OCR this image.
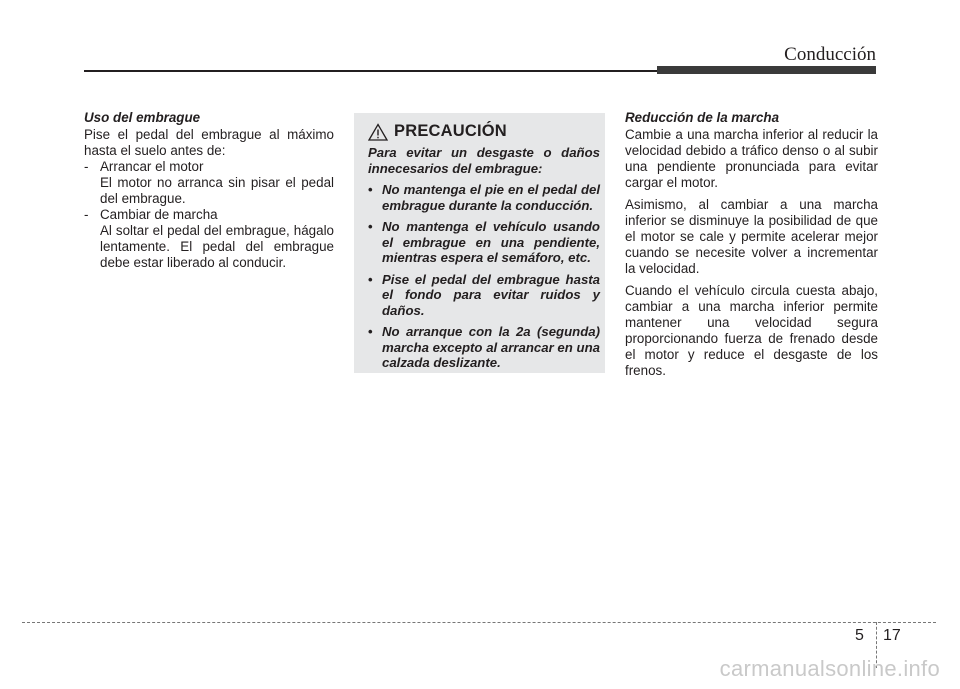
Conducción

Uso del embrague

Pise el pedal del embrague al máximo hasta el suelo antes de:

- Arrancar el motor

El motor no arranca sin pisar el pedal del embrague.

- Cambiar de marcha

Al soltar el pedal del embrague, hágalo lentamente. El pedal del embrague debe estar liberado al conducir.

PRECAUCIÓN

Para evitar un desgaste o daños innecesarios del embrague:

• No mantenga el pie en el pedal del embrague durante la conducción.

• No mantenga el vehículo usando el embrague en una pendiente, mientras espera el semáforo, etc.

• Pise el pedal del embrague hasta el fondo para evitar ruidos y daños.

• No arranque con la 2a (segunda) marcha excepto al arrancar en una calzada deslizante.

Reducción de la marcha

Cambie a una marcha inferior al reducir la velocidad debido a tráfico denso o al subir una pendiente pronunciada para evitar cargar el motor.

Asimismo, al cambiar a una marcha inferior se disminuye la posibilidad de que el motor se cale y permite acelerar mejor cuando se necesite volver a incrementar la velocidad.

Cuando el vehículo circula cuesta abajo, cambiar a una marcha inferior permite mantener una velocidad segura proporcionando fuerza de frenado desde el motor y reduce el desgaste de los frenos.

5 17
carmanualsonline.info
